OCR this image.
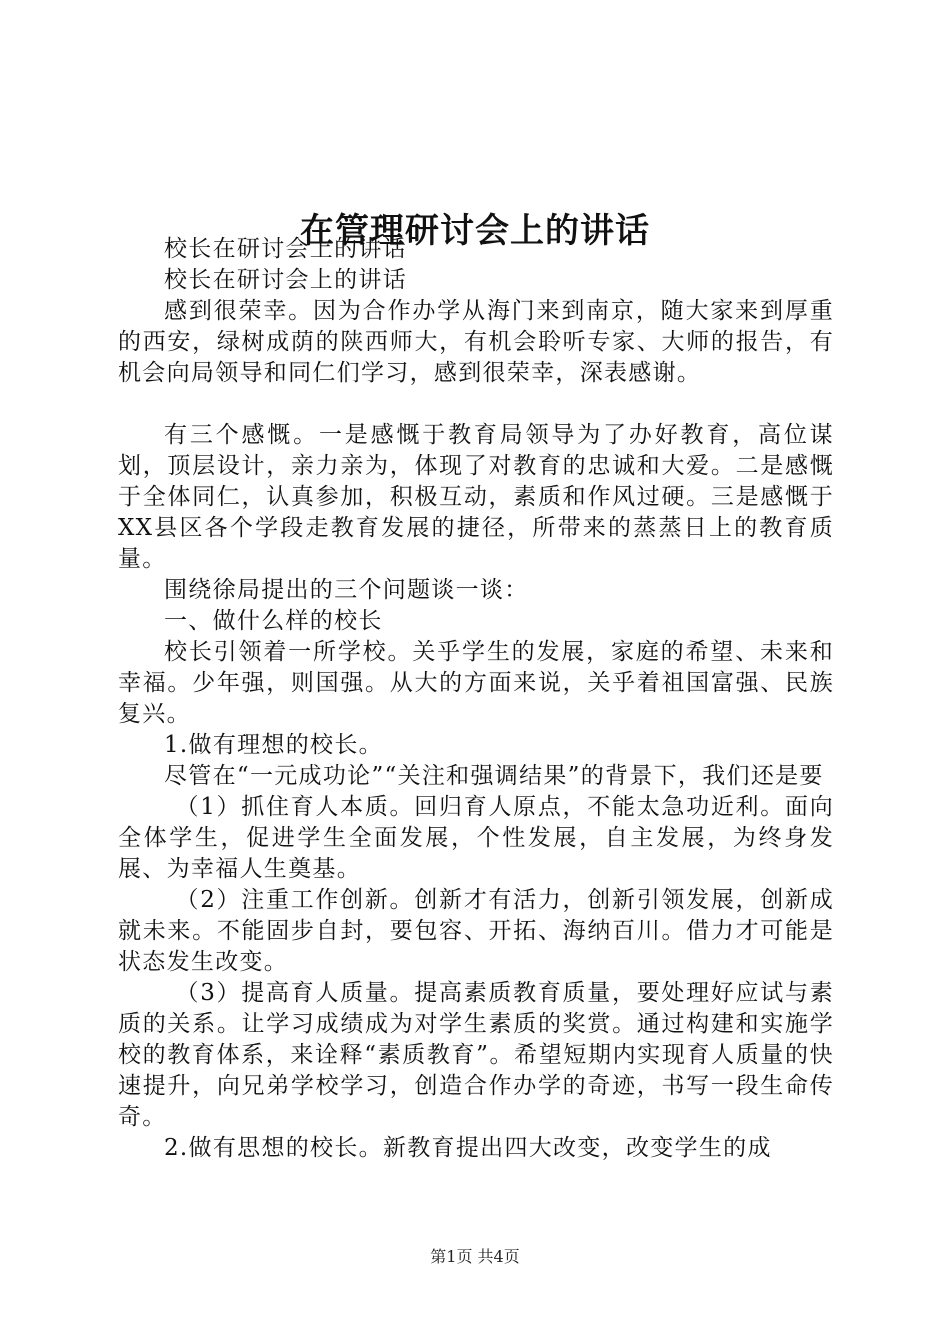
在管理研讨会上的讲话

校长在研讨会上的讲话

校长在研讨会上的讲话

感到很荣幸。因为合作办学从海门来到南京，随大家来到厚重的西安，绿树成荫的陕西师大，有机会聆听专家、大师的报告，有机会向局领导和同仁们学习，感到很荣幸，深表感谢。

有三个感慨。一是感慨于教育局领导为了办好教育，高位谋划，顶层设计，亲力亲为，体现了对教育的忠诚和大爱。二是感慨于全体同仁，认真参加，积极互动，素质和作风过硬。三是感慨于XX县区各个学段走教育发展的捷径，所带来的蒸蒸日上的教育质量。

围绕徐局提出的三个问题谈一谈：

一、做什么样的校长

校长引领着一所学校。关乎学生的发展，家庭的希望、未来和幸福。少年强，则国强。从大的方面来说，关乎着祖国富强、民族复兴。

1.做有理想的校长。

尽管在“一元成功论”“关注和强调结果”的背景下，我们还是要

（1）抓住育人本质。回归育人原点，不能太急功近利。面向全体学生，促进学生全面发展，个性发展，自主发展，为终身发展、为幸福人生奠基。

（2）注重工作创新。创新才有活力，创新引领发展，创新成就未来。不能固步自封，要包容、开拓、海纳百川。借力才可能是状态发生改变。

（3）提高育人质量。提高素质教育质量，要处理好应试与素质的关系。让学习成绩成为对学生素质的奖赏。通过构建和实施学校的教育体系，来诠释“素质教育”。希望短期内实现育人质量的快速提升，向兄弟学校学习，创造合作办学的奇迹，书写一段生命传奇。

2.做有思想的校长。新教育提出四大改变，改变学生的成

第1页 共4页
